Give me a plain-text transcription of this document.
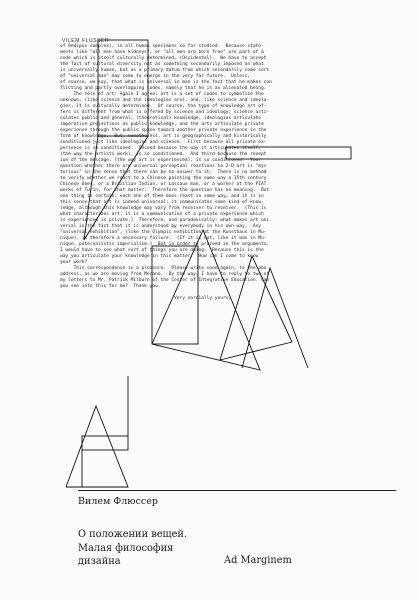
VILEM FLUSSER
of Oedipus complex), in all human specimens so far studied.  Because state-
ments like "all men have kidneys", or "all men are born free" are part of a
code which is itself culturally determined, (Occidental).  We have to accept
the fact of cultural diversity not as something secondarily imposed on what
is universally human, but as a primary datum from which secondarily some sort
of "universal man" may come to emerge in the very far future.  Unless,
of course, we say, that what is universal in man is the fact that he makes con
flicting and partly overlapping codes, namely that he is an alienated being.
The role of art: Again I agree: art is a set of codes to symbolize the
unknown, (like science and the ideologies are), and, like science and ideolo-
gies, it is culturally determined.  Of course, the type of knowledge art of-
fers is different from what is offered by science and ideology: science arti-
culates public and general, (theoretical) knowledge, ideologies articulate
imperative projections as public knowledge, and the arts articulate private
experience through the public space toward another private experience in the
form of knowledge.  But, nonetheless, art is geographically and historically
conditioned just like ideologies and science.  First because all private ex-
perience is so conditioned.  Second because the way it articulates itself,
(the way the artists work), is so conditioned.  And third because the recept
ion of the message, (the way art is experienced), is so conditioned.  Your
question whether there are universal perceptual reactions to 2-D art is "mys
terious" in the sense that there can be no answer to it.  There is no method
to verify whether we react to a Chinese painting the same way a 15th century
Chinese does, or a Brazilian Indian, or Lascaux man, or a worker at the FIAT
works of Turin, for that matter.  Therefore the question has no meaning.  But
one thing is certain: each one of them does react in some way, and it is in
this sense that art is indeed universal: it communicates some kind of know-
ledge, although this knowledge may vary from receiver to receiver.  (This is
what characterizes art: it is a communication of a private experience which
is experienced in private.)  Therefore, and paradoxically: what makes art uni
versal is the fact that it is understood by everybody in his own way.  Any
"universal exhibition", (like the Olympic exhibition at the Kunsthaus in Mu-
nique), is therefore a necessary failure.  (If it is not, like it was in Mu-
nique, paternalistic imperialism.)  But in order to proceed in the arguments,
I would have to see what sort of things you are doing.  Because this is the
way you articulate your knowledge in this matter.  How can I come to know
your work?
This correspondence is a pleasure.  Please write soon again, to the abo
address, as we are moving from Merano.  By the way, I have to reply to two of
my letters to Mr. Patrick Milburn of the Center of Integrative Education. Can
you see into this for me?  Thank you.
Very cordially yours,
Вилем Флюссер
О положении вещей.
Малая философия
дизайна	Ad Marginem
